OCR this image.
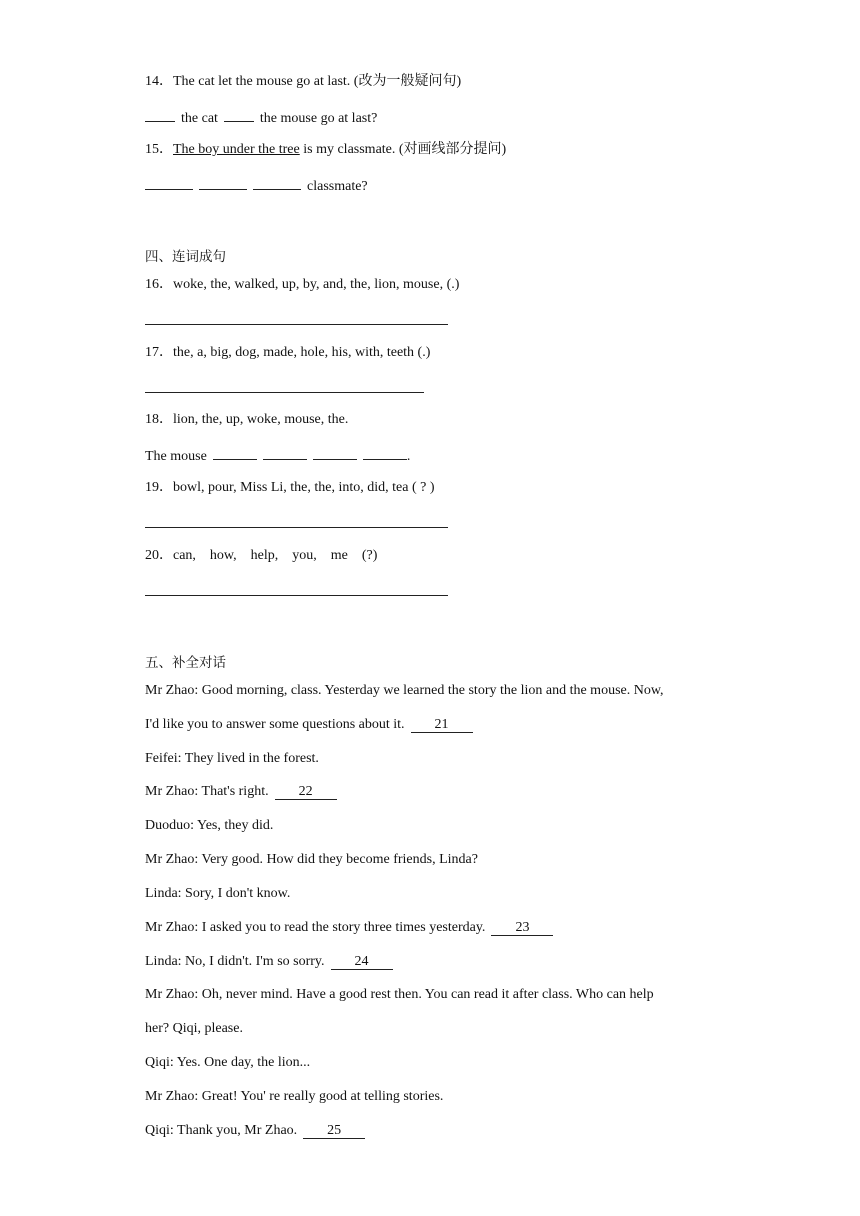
14．The cat let the mouse go at last. (改为一般疑问句)
the cat	the mouse go at last?
15．The boy under the tree is my classmate. (对画线部分提问)
classmate?
四、连词成句
16．woke, the, walked, up, by, and, the, lion, mouse, (.)
17．the, a, big, dog, made, hole, his, with, teeth (.)
18．lion, the, up, woke, mouse, the.
The mouse	.
19．bowl, pour, Miss Li, the, the, into, did, tea ( ? )
20．can,　how,　help,　you,　me　(?)
五、补全对话
Mr Zhao: Good morning, class. Yesterday we learned the story the lion and the mouse. Now,
I'd like you to answer some questions about it. 21
Feifei: They lived in the forest.
Mr Zhao: That's right. 22
Duoduo: Yes, they did.
Mr Zhao: Very good. How did they become friends, Linda?
Linda: Sory, I don't know.
Mr Zhao: I asked you to read the story three times yesterday. 23
Linda: No, I didn't. I'm so sorry. 24
Mr Zhao: Oh, never mind. Have a good rest then. You can read it after class. Who can help
her? Qiqi, please.
Qiqi: Yes. One day, the lion...
Mr Zhao: Great! You' re really good at telling stories.
Qiqi: Thank you, Mr Zhao. 25
